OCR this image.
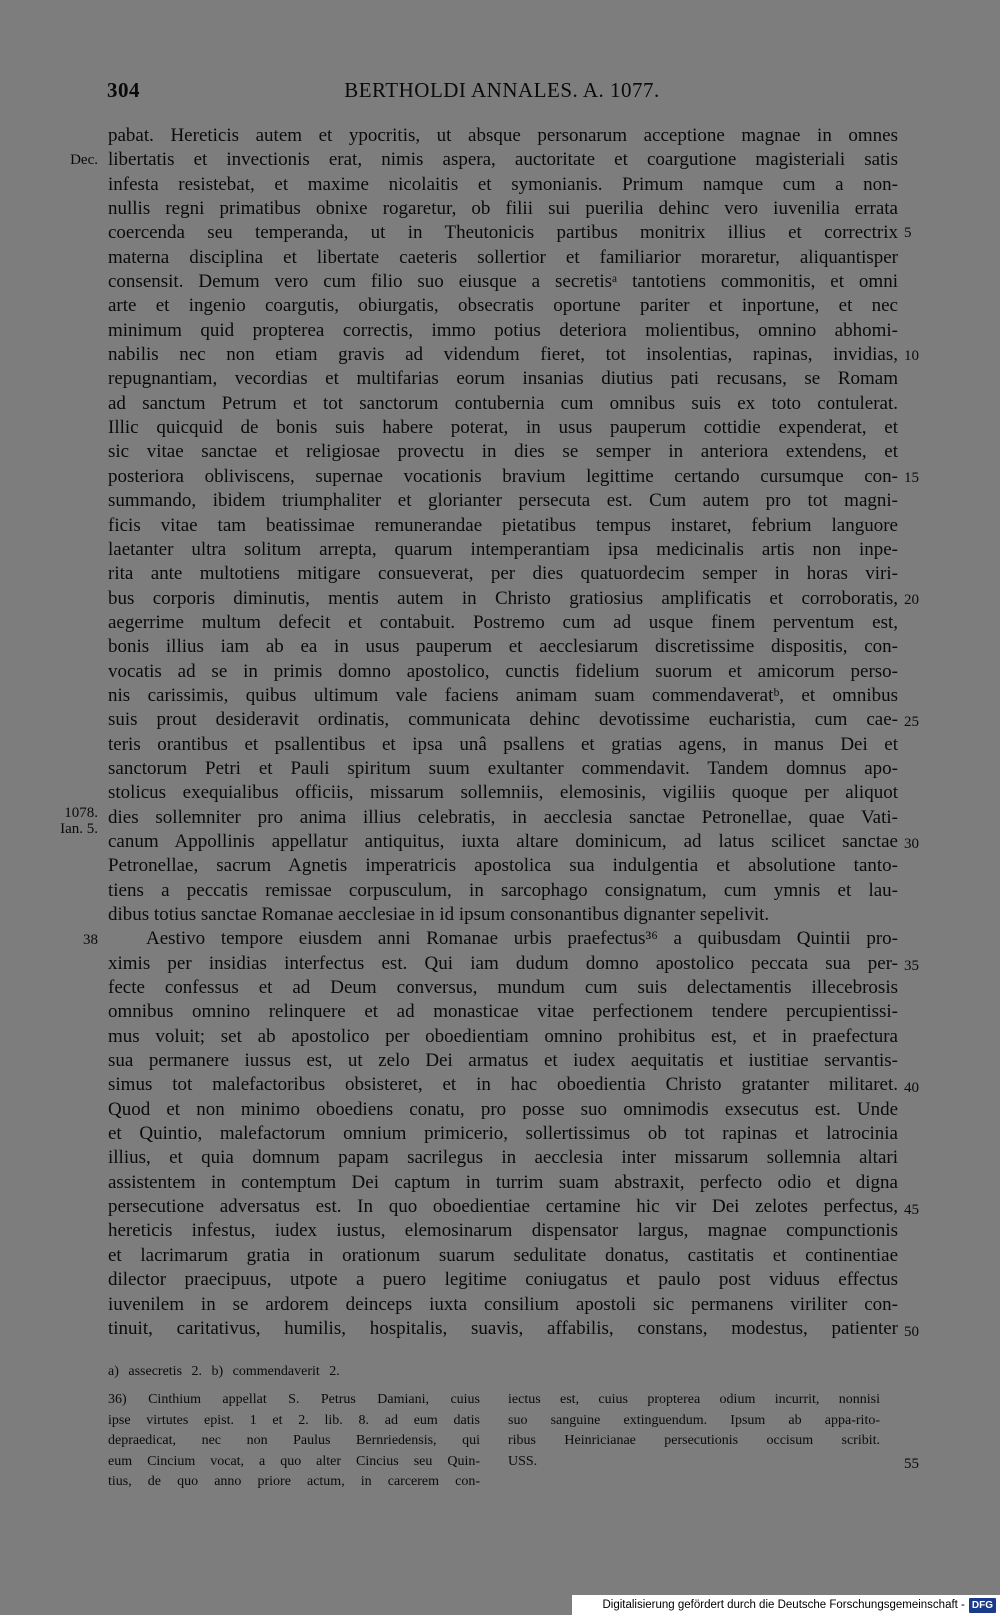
304	BERTHOLDI ANNALES. A. 1077.
Dec.
1078.
Ian. 5.
38
5
10
15
20
25
30
35
40
45
50
55
pabat. Hereticis autem et ypocritis, ut absque personarum acceptione magnae in omnes
libertatis et invectionis erat, nimis aspera, auctoritate et coargutione magisteriali satis
infesta resistebat, et maxime nicolaitis et symonianis. Primum namque cum a non-
nullis regni primatibus obnixe rogaretur, ob filii sui puerilia dehinc vero iuvenilia errata
coercenda seu temperanda, ut in Theutonicis partibus monitrix illius et correctrix
materna disciplina et libertate caeteris sollertior et familiarior moraretur, aliquantisper
consensit. Demum vero cum filio suo eiusque a secretisᵃ tantotiens commonitis, et omni
arte et ingenio coargutis, obiurgatis, obsecratis oportune pariter et inportune, et nec
minimum quid propterea correctis, immo potius deteriora molientibus, omnino abhomi-
nabilis nec non etiam gravis ad videndum fieret, tot insolentias, rapinas, invidias,
repugnantiam, vecordias et multifarias eorum insanias diutius pati recusans, se Romam
ad sanctum Petrum et tot sanctorum contubernia cum omnibus suis ex toto contulerat.
Illic quicquid de bonis suis habere poterat, in usus pauperum cottidie expenderat, et
sic vitae sanctae et religiosae provectu in dies se semper in anteriora extendens, et
posteriora obliviscens, supernae vocationis bravium legittime certando cursumque con-
summando, ibidem triumphaliter et glorianter persecuta est. Cum autem pro tot magni-
ficis vitae tam beatissimae remunerandae pietatibus tempus instaret, febrium languore
laetanter ultra solitum arrepta, quarum intemperantiam ipsa medicinalis artis non inpe-
rita ante multotiens mitigare consueverat, per dies quatuordecim semper in horas viri-
bus corporis diminutis, mentis autem in Christo gratiosius amplificatis et corroboratis,
aegerrime multum defecit et contabuit. Postremo cum ad usque finem perventum est,
bonis illius iam ab ea in usus pauperum et aecclesiarum discretissime dispositis, con-
vocatis ad se in primis domno apostolico, cunctis fidelium suorum et amicorum perso-
nis carissimis, quibus ultimum vale faciens animam suam commendaveratᵇ, et omnibus
suis prout desideravit ordinatis, communicata dehinc devotissime eucharistia, cum cae-
teris orantibus et psallentibus et ipsa unâ psallens et gratias agens, in manus Dei et
sanctorum Petri et Pauli spiritum suum exultanter commendavit. Tandem domnus apo-
stolicus exequialibus officiis, missarum sollemniis, elemosinis, vigiliis quoque per aliquot
dies sollemniter pro anima illius celebratis, in aecclesia sanctae Petronellae, quae Vati-
canum Appollinis appellatur antiquitus, iuxta altare dominicum, ad latus scilicet sanctae
Petronellae, sacrum Agnetis imperatricis apostolica sua indulgentia et absolutione tanto-
tiens a peccatis remissae corpusculum, in sarcophago consignatum, cum ymnis et lau-
dibus totius sanctae Romanae aecclesiae in id ipsum consonantibus dignanter sepelivit.
Aestivo tempore eiusdem anni Romanae urbis praefectus³⁶ a quibusdam Quintii pro-
ximis per insidias interfectus est. Qui iam dudum domno apostolico peccata sua per-
fecte confessus et ad Deum conversus, mundum cum suis delectamentis illecebrosis
omnibus omnino relinquere et ad monasticae vitae perfectionem tendere percupientissi-
mus voluit; set ab apostolico per oboedientiam omnino prohibitus est, et in praefectura
sua permanere iussus est, ut zelo Dei armatus et iudex aequitatis et iustitiae servantis-
simus tot malefactoribus obsisteret, et in hac oboedientia Christo gratanter militaret.
Quod et non minimo oboediens conatu, pro posse suo omnimodis exsecutus est. Unde
et Quintio, malefactorum omnium primicerio, sollertissimus ob tot rapinas et latrocinia
illius, et quia domnum papam sacrilegus in aecclesia inter missarum sollemnia altari
assistentem in contemptum Dei captum in turrim suam abstraxit, perfecto odio et digna
persecutione adversatus est. In quo oboedientiae certamine hic vir Dei zelotes perfectus,
hereticis infestus, iudex iustus, elemosinarum dispensator largus, magnae compunctionis
et lacrimarum gratia in orationum suarum sedulitate donatus, castitatis et continentiae
dilector praecipuus, utpote a puero legitime coniugatus et paulo post viduus effectus
iuvenilem in se ardorem deinceps iuxta consilium apostoli sic permanens viriliter con-
tinuit, caritativus, humilis, hospitalis, suavis, affabilis, constans, modestus, patienter
a) assecretis 2. b) commendaverit 2.
36) Cinthium appellat S. Petrus Damiani, cuius
ipse virtutes epist. 1 et 2. lib. 8. ad eum datis
depraedicat, nec non Paulus Bernriedensis, qui
eum Cincium vocat, a quo alter Cincius seu Quin-
tius, de quo anno priore actum, in carcerem con-
iectus est, cuius propterea odium incurrit, nonnisi
suo sanguine extinguendum. Ipsum ab appa-rito-
ribus Heinricianae persecutionis occisum scribit.
USS.
Digitalisierung gefördert durch die Deutsche Forschungsgemeinschaft - DFG
